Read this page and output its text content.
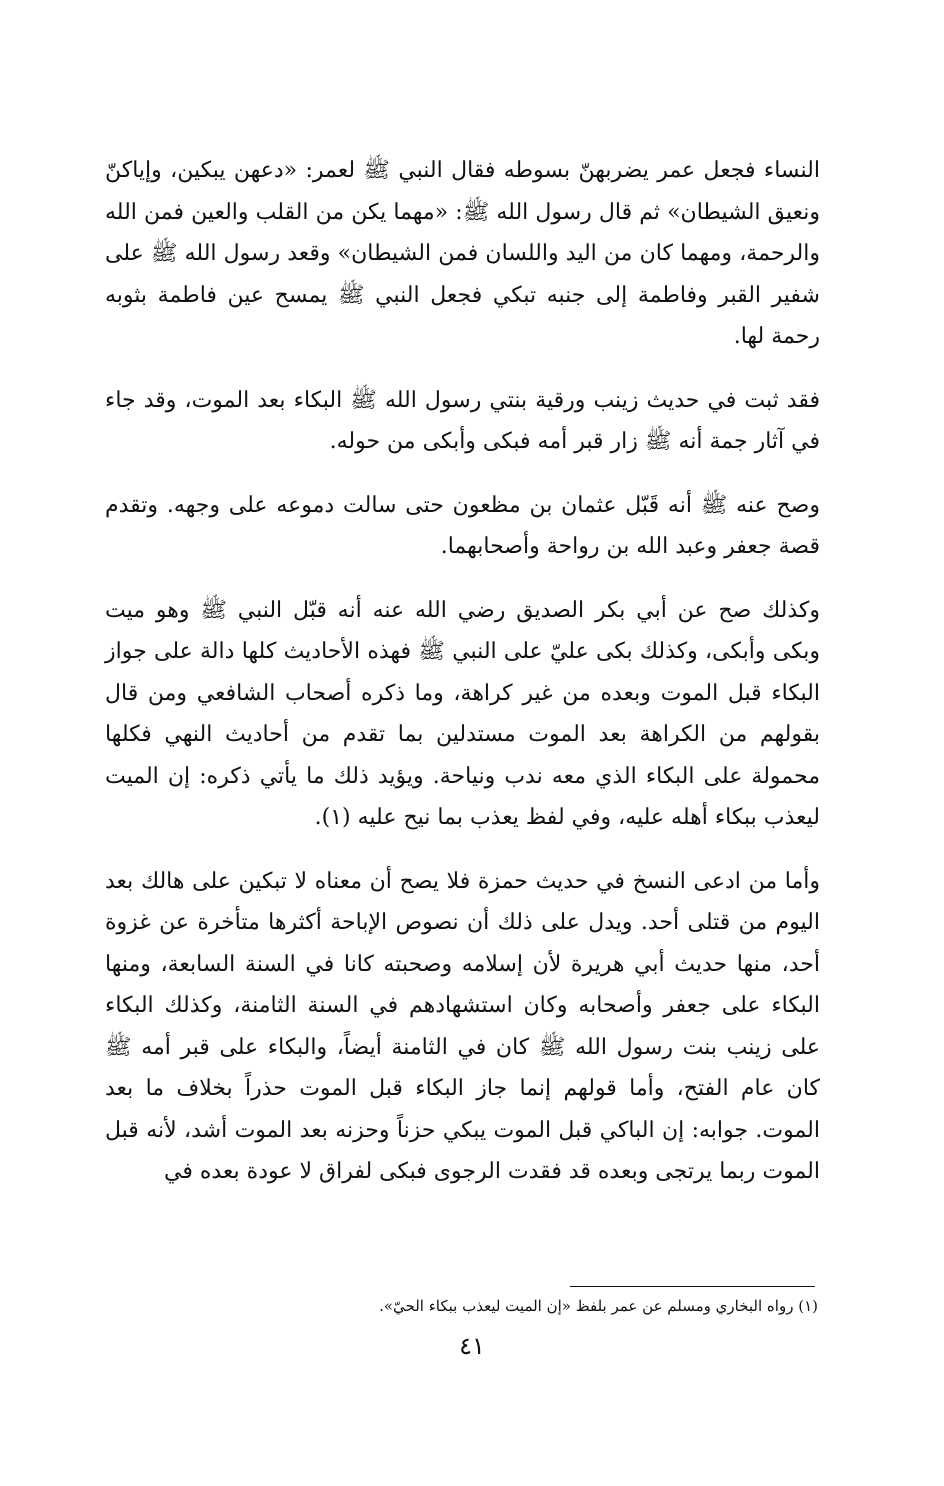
النساء فجعل عمر يضربهنّ بسوطه فقال النبي ﷺ لعمر: «دعهن يبكين، وإياكنّ ونعيق الشيطان» ثم قال رسول الله ﷺ: «مهما يكن من القلب والعين فمن الله والرحمة، ومهما كان من اليد واللسان فمن الشيطان» وقعد رسول الله ﷺ على شفير القبر وفاطمة إلى جنبه تبكي فجعل النبي ﷺ يمسح عين فاطمة بثوبه رحمة لها.

فقد ثبت في حديث زينب ورقية بنتي رسول الله ﷺ البكاء بعد الموت، وقد جاء في آثار جمة أنه ﷺ زار قبر أمه فبكى وأبكى من حوله.

وصح عنه ﷺ أنه قَبّل عثمان بن مظعون حتى سالت دموعه على وجهه. وتقدم قصة جعفر وعبد الله بن رواحة وأصحابهما.

وكذلك صح عن أبي بكر الصديق رضي الله عنه أنه قبّل النبي ﷺ وهو ميت وبكى وأبكى، وكذلك بكى عليّ على النبي ﷺ فهذه الأحاديث كلها دالة على جواز البكاء قبل الموت وبعده من غير كراهة، وما ذكره أصحاب الشافعي ومن قال بقولهم من الكراهة بعد الموت مستدلين بما تقدم من أحاديث النهي فكلها محمولة على البكاء الذي معه ندب ونياحة. ويؤيد ذلك ما يأتي ذكره: إن الميت ليعذب ببكاء أهله عليه، وفي لفظ يعذب بما نيح عليه (١).

وأما من ادعى النسخ في حديث حمزة فلا يصح أن معناه لا تبكين على هالك بعد اليوم من قتلى أحد. ويدل على ذلك أن نصوص الإباحة أكثرها متأخرة عن غزوة أحد، منها حديث أبي هريرة لأن إسلامه وصحبته كانا في السنة السابعة، ومنها البكاء على جعفر وأصحابه وكان استشهادهم في السنة الثامنة، وكذلك البكاء على زينب بنت رسول الله ﷺ كان في الثامنة أيضاً، والبكاء على قبر أمه ﷺ كان عام الفتح، وأما قولهم إنما جاز البكاء قبل الموت حذراً بخلاف ما بعد الموت. جوابه: إن الباكي قبل الموت يبكي حزناً وحزنه بعد الموت أشد، لأنه قبل الموت ربما يرتجى وبعده قد فقدت الرجوى فبكى لفراق لا عودة بعده في

(١) رواه البخاري ومسلم عن عمر بلفظ «إن الميت ليعذب ببكاء الحيّ».
٤١
